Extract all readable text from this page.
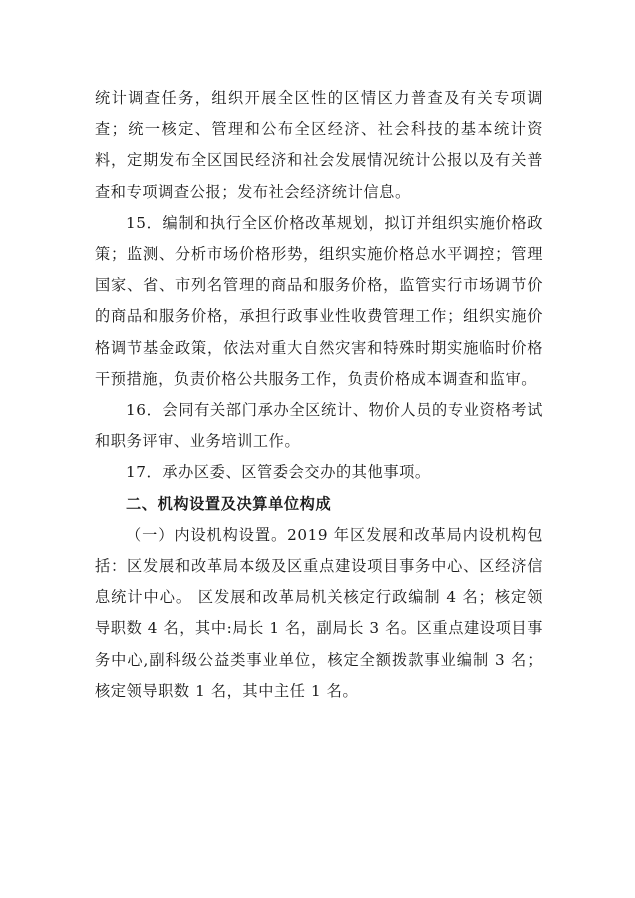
统计调查任务，组织开展全区性的区情区力普查及有关专项调查；统一核定、管理和公布全区经济、社会科技的基本统计资料，定期发布全区国民经济和社会发展情况统计公报以及有关普查和专项调查公报；发布社会经济统计信息。

15．编制和执行全区价格改革规划，拟订并组织实施价格政策；监测、分析市场价格形势，组织实施价格总水平调控；管理国家、省、市列名管理的商品和服务价格，监管实行市场调节价的商品和服务价格，承担行政事业性收费管理工作；组织实施价格调节基金政策，依法对重大自然灾害和特殊时期实施临时价格干预措施，负责价格公共服务工作，负责价格成本调查和监审。

16．会同有关部门承办全区统计、物价人员的专业资格考试和职务评审、业务培训工作。

17．承办区委、区管委会交办的其他事项。

二、机构设置及决算单位构成

（一）内设机构设置。2019 年区发展和改革局内设机构包括：区发展和改革局本级及区重点建设项目事务中心、区经济信息统计中心。 区发展和改革局机关核定行政编制 4 名；核定领导职数 4 名，其中:局长 1 名，副局长 3 名。区重点建设项目事务中心,副科级公益类事业单位，核定全额拨款事业编制 3 名；核定领导职数 1 名，其中主任 1 名。
